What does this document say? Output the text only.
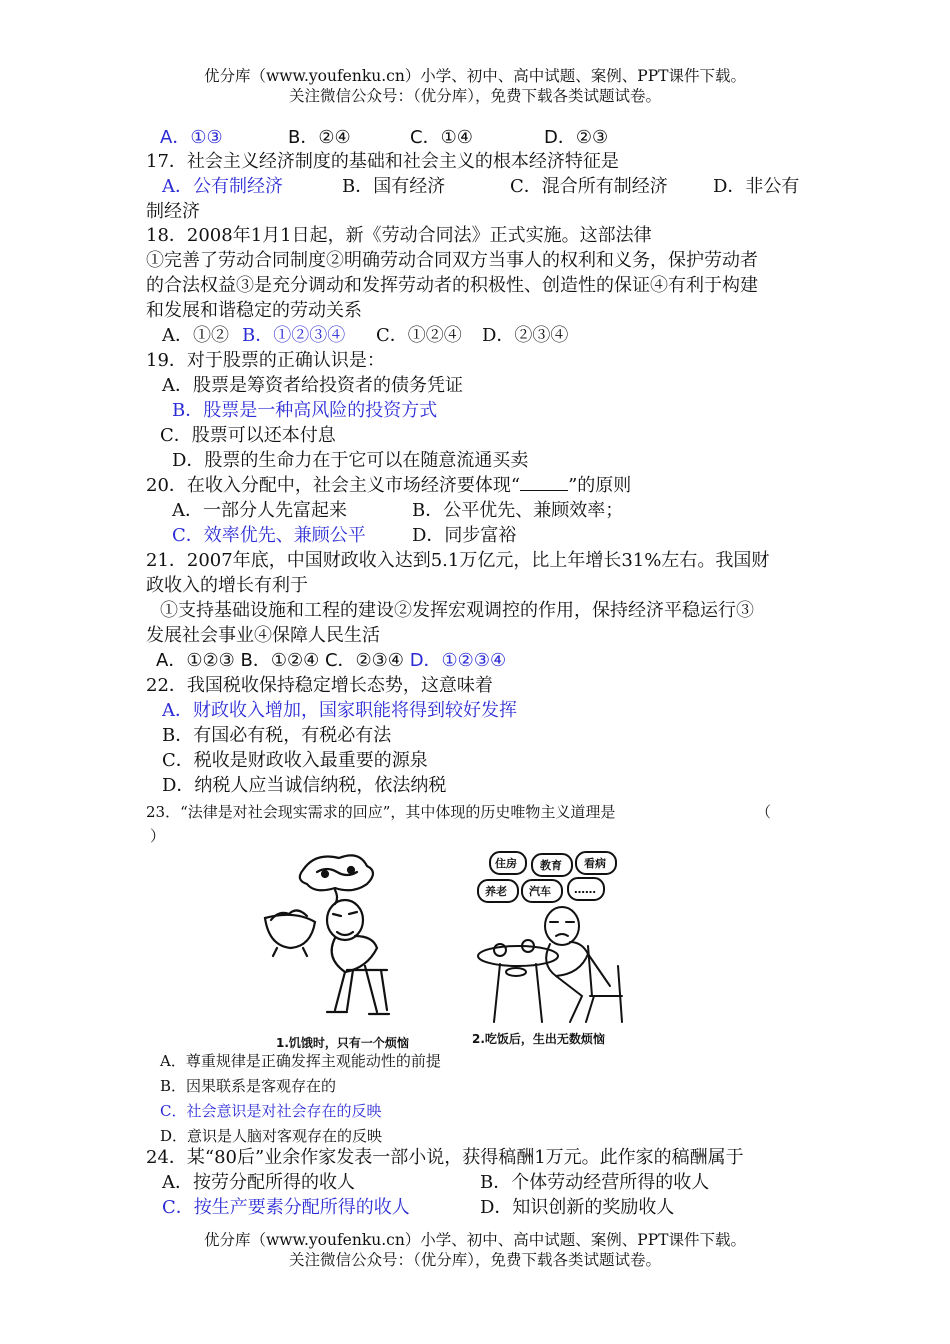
优分库（www.youfenku.cn）小学、初中、高中试题、案例、PPT课件下载。
关注微信公众号：（优分库），免费下载各类试题试卷。
A．①③	B．②④	C．①④	D．②③
17．社会主义经济制度的基础和社会主义的根本经济特征是
A．公有制经济	B．国有经济	C．混合所有制经济	D．非公有
制经济
18．2008年1月1日起，新《劳动合同法》正式实施。这部法律
①完善了劳动合同制度②明确劳动合同双方当事人的权利和义务，保护劳动者
的合法权益③是充分调动和发挥劳动者的积极性、创造性的保证④有利于构建
和发展和谐稳定的劳动关系
A．①② B．①②③④ C．①②④ D．②③④
19．对于股票的正确认识是：
A．股票是筹资者给投资者的债务凭证
B．股票是一种高风险的投资方式
C．股票可以还本付息
D．股票的生命力在于它可以在随意流通买卖
20．在收入分配中，社会主义市场经济要体现“	”的原则
A．一部分人先富起来	B．公平优先、兼顾效率；
C．效率优先、兼顾公平	D．同步富裕
21．2007年底，中国财政收入达到5.1万亿元，比上年增长31%左右。我国财
政收入的增长有利于
①支持基础设施和工程的建设②发挥宏观调控的作用，保持经济平稳运行③
发展社会事业④保障人民生活
A．①②③ B．①②④ C．②③④ D．①②③④
22．我国税收保持稳定增长态势，这意味着
A．财政收入增加，国家职能将得到较好发挥
B．有国必有税，有税必有法
C．税收是财政收入最重要的源泉
D．纳税人应当诚信纳税，依法纳税
23．“法律是对社会现实需求的回应”，其中体现的历史唯物主义道理是	（
）
1.饥饿时，只有一个烦恼
住房 教育 看病
养老 汽车 ……
2.吃饭后，生出无数烦恼
A．尊重规律是正确发挥主观能动性的前提
B．因果联系是客观存在的
C．社会意识是对社会存在的反映
D．意识是人脑对客观存在的反映
24．某“80后”业余作家发表一部小说，获得稿酬1万元。此作家的稿酬属于
A．按劳分配所得的收人	B．个体劳动经营所得的收人
C．按生产要素分配所得的收人	D．知识创新的奖励收人
优分库（www.youfenku.cn）小学、初中、高中试题、案例、PPT课件下载。
关注微信公众号：（优分库），免费下载各类试题试卷。
